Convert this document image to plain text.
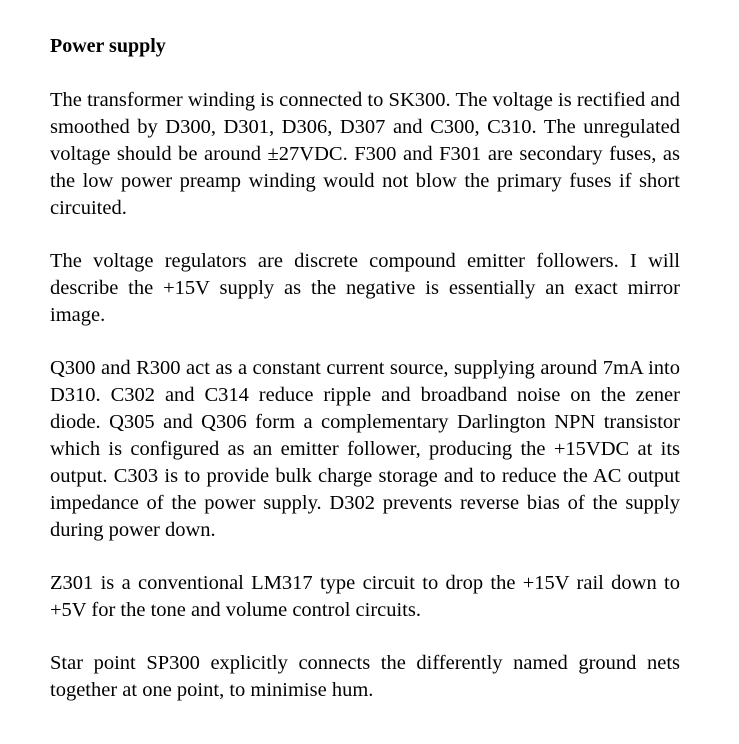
Power supply

The transformer winding is connected to SK300. The voltage is rectified and smoothed by D300, D301, D306, D307 and C300, C310. The unregulated voltage should be around ±27VDC. F300 and F301 are secondary fuses, as the low power preamp winding would not blow the primary fuses if short circuited.

The voltage regulators are discrete compound emitter followers. I will describe the +15V supply as the negative is essentially an exact mirror image.

Q300 and R300 act as a constant current source, supplying around 7mA into D310. C302 and C314 reduce ripple and broadband noise on the zener diode. Q305 and Q306 form a complementary Darlington NPN transistor which is configured as an emitter follower, producing the +15VDC at its output. C303 is to provide bulk charge storage and to reduce the AC output impedance of the power supply. D302 prevents reverse bias of the supply during power down.

Z301 is a conventional LM317 type circuit to drop the +15V rail down to +5V for the tone and volume control circuits.

Star point SP300 explicitly connects the differently named ground nets together at one point, to minimise hum.
